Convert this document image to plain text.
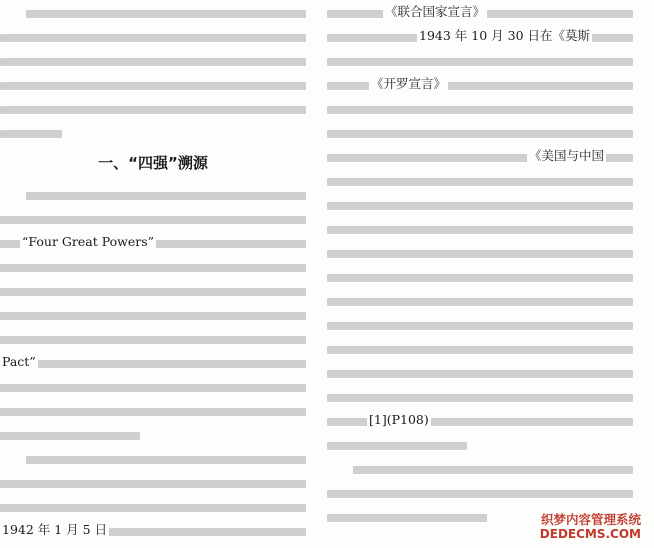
一、“四强”溯源
“Four Great Powers”
Pact”
1942 年 1 月 5 日
《联合国家宣言》
1943 年 10 月 30 日在《莫斯
《开罗宣言》
《美国与中国
[1](P108)
织梦内容管理系统
DEDECMS.COM
